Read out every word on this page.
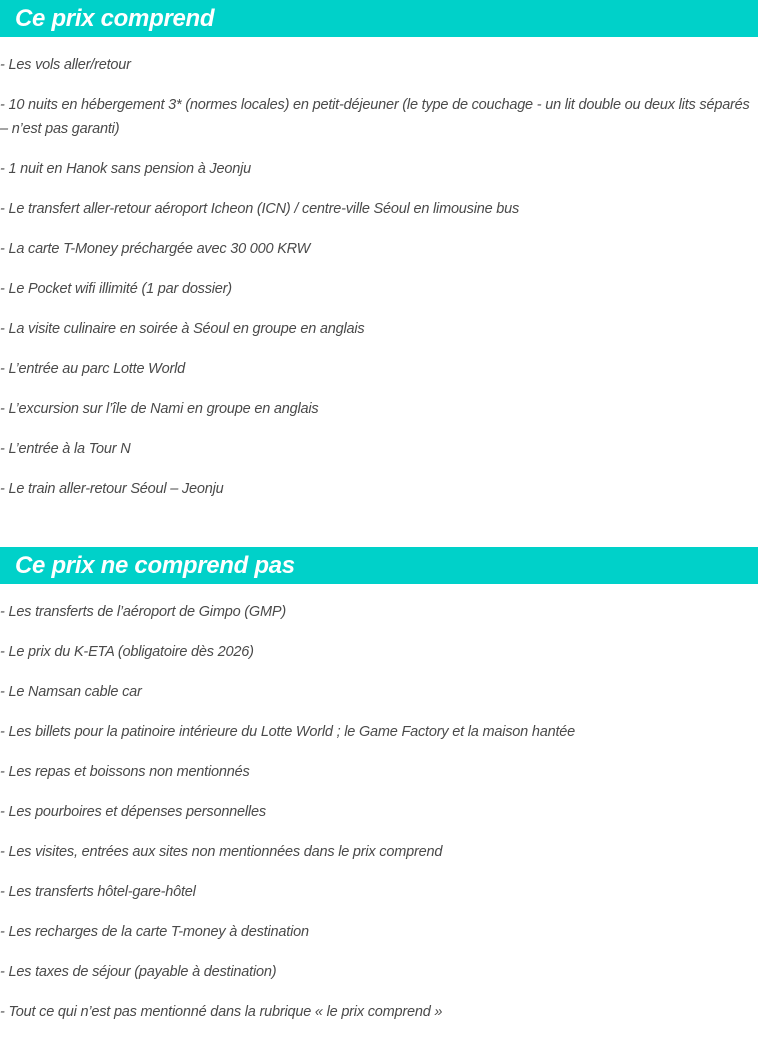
Ce prix comprend
- Les vols aller/retour
- 10 nuits en hébergement 3* (normes locales) en petit-déjeuner (le type de couchage - un lit double ou deux lits séparés – n’est pas garanti)
- 1 nuit en Hanok sans pension à Jeonju
- Le transfert aller-retour aéroport Icheon (ICN) / centre-ville Séoul en limousine bus
- La carte T-Money préchargée avec 30 000 KRW
- Le Pocket wifi illimité (1 par dossier)
- La visite culinaire en soirée à Séoul en groupe en anglais
- L’entrée au parc Lotte World
- L’excursion sur l’île de Nami en groupe en anglais
- L’entrée à la Tour N
- Le train aller-retour Séoul – Jeonju
Ce prix ne comprend pas
- Les transferts de l’aéroport de Gimpo (GMP)
- Le prix du K-ETA (obligatoire dès 2026)
- Le Namsan cable car
- Les billets pour la patinoire intérieure du Lotte World ; le Game Factory et la maison hantée
- Les repas et boissons non mentionnés
- Les pourboires et dépenses personnelles
- Les visites, entrées aux sites non mentionnées dans le prix comprend
- Les transferts hôtel-gare-hôtel
- Les recharges de la carte T-money à destination
- Les taxes de séjour (payable à destination)
- Tout ce qui n’est pas mentionné dans la rubrique « le prix comprend »
